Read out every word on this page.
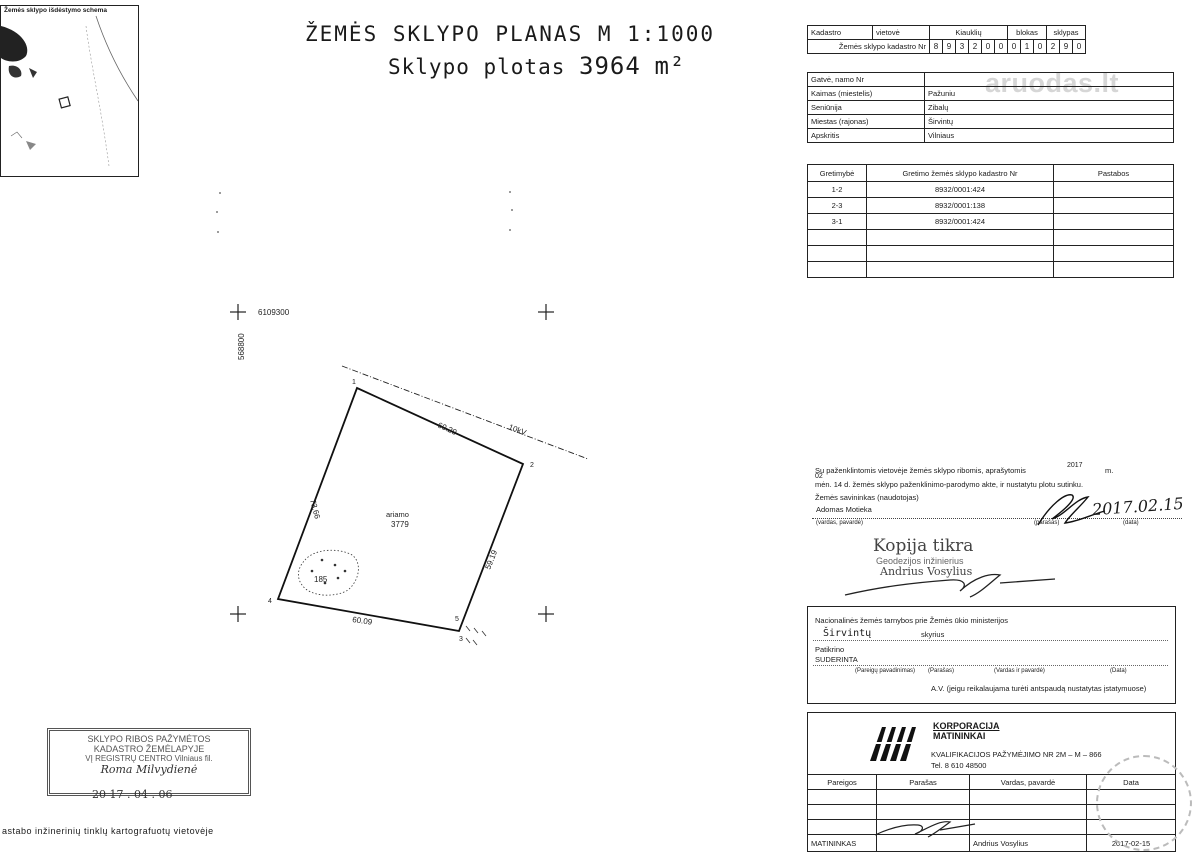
Žemės sklypo išdėstymo schema
ŽEMĖS SKLYPO PLANAS M 1:1000
Sklypo plotas 3964 m²
aruodas.lt
Kadastro	vietovė	Kiauklių						blokas			sklypas		
Žemės sklypo kadastro Nr		8	9	3	2	0	0	0	1	0	2	9	0
Gatvė, namo Nr	
Kaimas (miestelis)	Pažuniu
Seniūnija	Zibalų
Miestas (rajonas)	Širvintų
Apskritis	Vilniaus
Gretimybė	Gretimo žemės sklypo kadastro Nr	Pastabos
1-2	8932/0001:424	
2-3	8932/0001:138	
3-1	8932/0001:424	

6109300
568800
10kV
185
ariamo
3779
60.29
59.19
60.09
73.66
1
2
3
4
5
Su paženklintomis vietovėje žemės sklypo ribomis, aprašytomis
2017
m.
02
mėn. 14 d. žemės sklypo paženklinimo-parodymo akte, ir nustatytu plotu sutinku.
Žemės savininkas (naudotojas)
Adomas Motieka
(vardas, pavardė)	(parašas)	(data)
2017.02.15
Kopija tikra
Geodezijos inžinierius
Andrius Vosylius
Nacionalinės žemės tarnybos prie Žemės ūkio ministerijos
Širvintų	skyrius
Patikrino
SUDERINTA
(Pareigų pavadinimas) (Parašas)	(Vardas ir pavardė)	(Data)
A.V. (jeigu reikalaujama turėti antspaudą nustatytas įstatymuose)
KORPORACIJA
MATININKAI
KVALIFIKACIJOS PAŽYMĖJIMO NR 2M – M – 866
Tel. 8 610 48500
Pareigos	Parašas	Vardas, pavardė	Data

MATININKAS		Andrius Vosylius	2017-02-15
SKLYPO RIBOS PAŽYMĖTOS
KADASTRO ŽEMĖLAPYJE
VĮ REGISTRŲ CENTRO Vilniaus fil.
Roma Milvydienė
20 17 . 04 . 06
astabo inžinerinių tinklų kartografuotų vietovėje
